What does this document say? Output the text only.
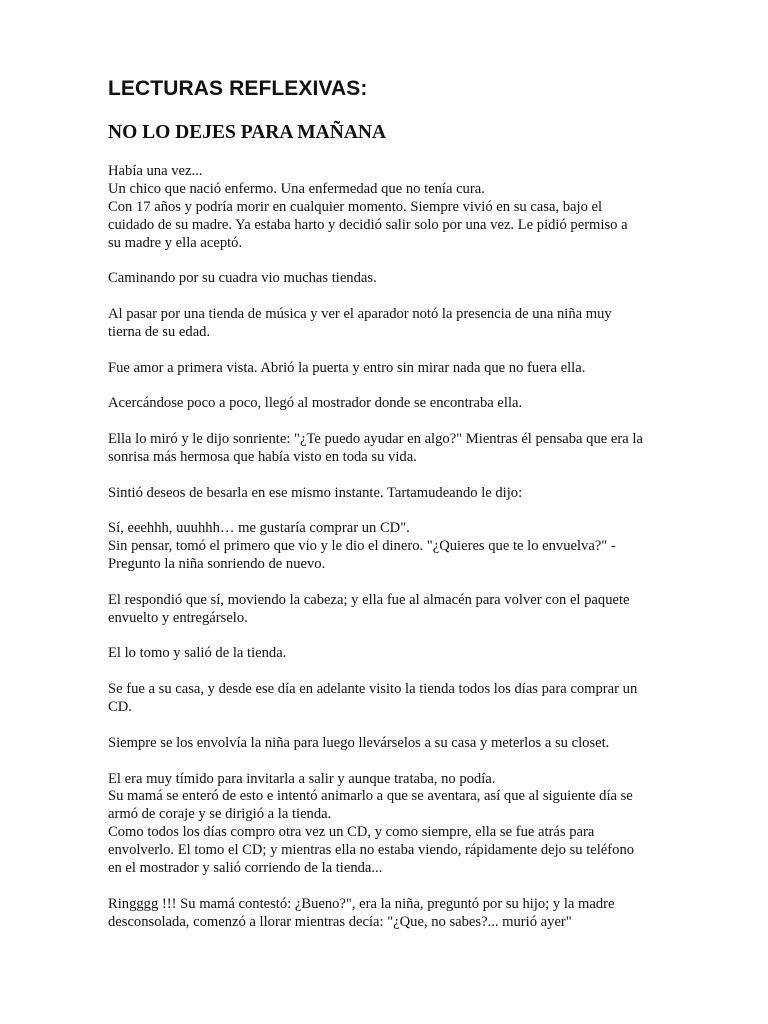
LECTURAS REFLEXIVAS:
NO LO DEJES PARA MAÑANA

Había una vez...
Un chico que nació enfermo. Una enfermedad que no tenía cura.
Con 17 años y podría morir en cualquier momento. Siempre vivió en su casa, bajo el
cuidado de su madre. Ya estaba harto y decidió salir solo por una vez. Le pidió permiso a
su madre y ella aceptó.

Caminando por su cuadra vio muchas tiendas.

Al pasar por una tienda de música y ver el aparador notó la presencia de una niña muy
tierna de su edad.

Fue amor a primera vista. Abrió la puerta y entro sin mirar nada que no fuera ella.

Acercándose poco a poco, llegó al mostrador donde se encontraba ella.

Ella lo miró y le dijo sonriente: "¿Te puedo ayudar en algo?" Mientras él pensaba que era la
sonrisa más hermosa que había visto en toda su vida.

Sintió deseos de besarla en ese mismo instante. Tartamudeando le dijo:

Sí, eeehhh, uuuhhh… me gustaría comprar un CD".
Sin pensar, tomó el primero que vio y le dio el dinero. "¿Quieres que te lo envuelva?" -
Pregunto la niña sonriendo de nuevo.

El respondió que sí, moviendo la cabeza; y ella fue al almacén para volver con el paquete
envuelto y entregárselo.

El lo tomo y salió de la tienda.

Se fue a su casa, y desde ese día en adelante visito la tienda todos los días para comprar un
CD.

Siempre se los envolvía la niña para luego llevárselos a su casa y meterlos a su closet.

El era muy tímido para invitarla a salir y aunque trataba, no podía.
Su mamá se enteró de esto e intentó animarlo a que se aventara, así que al siguiente día se
armó de coraje y se dirigió a la tienda.
Como todos los días compro otra vez un CD, y como siempre, ella se fue atrás para
envolverlo. El tomo el CD; y mientras ella no estaba viendo, rápidamente dejo su teléfono
en el mostrador y salió corriendo de la tienda...

Ringggg !!! Su mamá contestó: ¿Bueno?", era la niña, preguntó por su hijo; y la madre
desconsolada, comenzó a llorar mientras decía: "¿Que, no sabes?... murió ayer"
